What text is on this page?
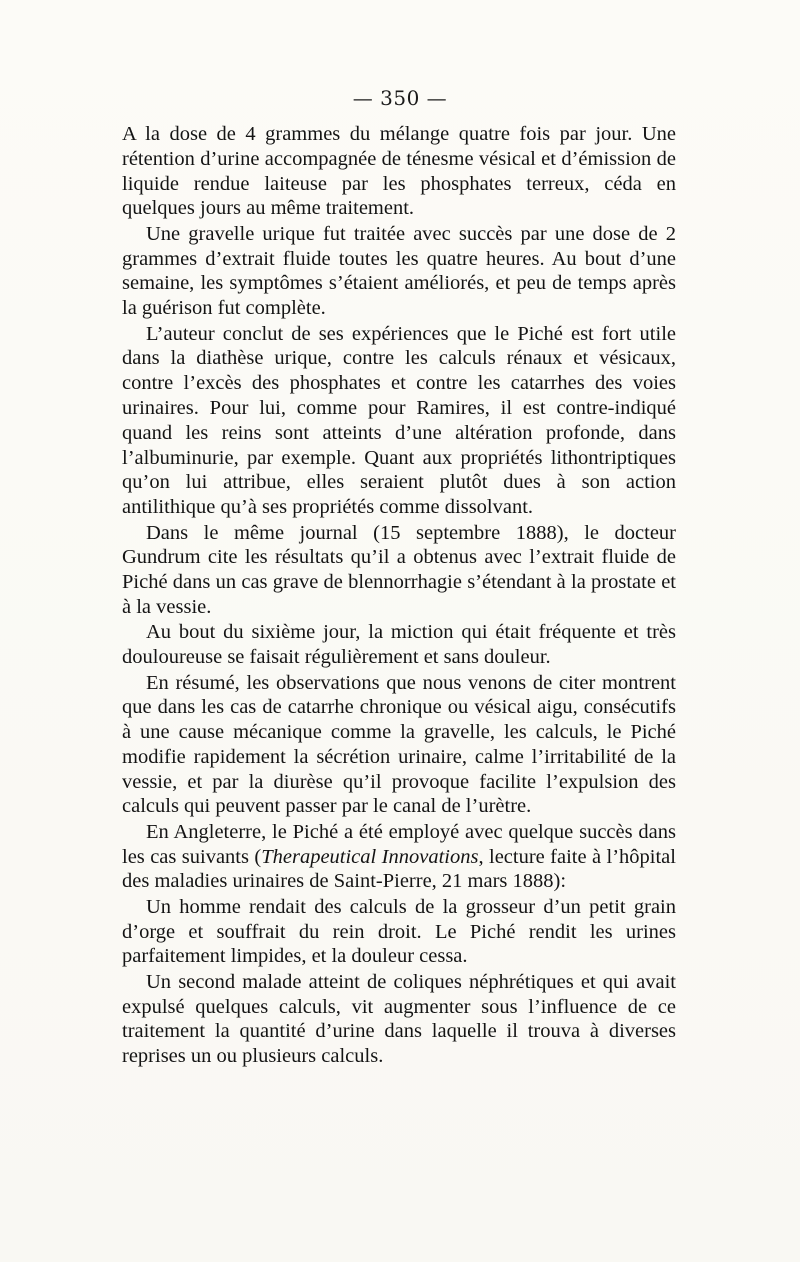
— 350 —

A la dose de 4 grammes du mélange quatre fois par jour. Une rétention d’urine accompagnée de ténesme vésical et d’émission de liquide rendue laiteuse par les phosphates terreux, céda en quelques jours au même traitement.

Une gravelle urique fut traitée avec succès par une dose de 2 grammes d’extrait fluide toutes les quatre heures. Au bout d’une semaine, les symptômes s’étaient améliorés, et peu de temps après la guérison fut complète.

L’auteur conclut de ses expériences que le Piché est fort utile dans la diathèse urique, contre les calculs rénaux et vésicaux, contre l’excès des phosphates et contre les catarrhes des voies urinaires. Pour lui, comme pour Ramires, il est contre-indiqué quand les reins sont atteints d’une altération profonde, dans l’albuminurie, par exemple. Quant aux propriétés lithontriptiques qu’on lui attribue, elles seraient plutôt dues à son action antilithique qu’à ses propriétés comme dissolvant.

Dans le même journal (15 septembre 1888), le docteur Gundrum cite les résultats qu’il a obtenus avec l’extrait fluide de Piché dans un cas grave de blennorrhagie s’étendant à la prostate et à la vessie.

Au bout du sixième jour, la miction qui était fréquente et très douloureuse se faisait régulièrement et sans douleur.

En résumé, les observations que nous venons de citer montrent que dans les cas de catarrhe chronique ou vésical aigu, consécutifs à une cause mécanique comme la gravelle, les calculs, le Piché modifie rapidement la sécrétion urinaire, calme l’irritabilité de la vessie, et par la diurèse qu’il provoque facilite l’expulsion des calculs qui peuvent passer par le canal de l’urètre.

En Angleterre, le Piché a été employé avec quelque succès dans les cas suivants (Therapeutical Innovations, lecture faite à l’hôpital des maladies urinaires de Saint-Pierre, 21 mars 1888):

Un homme rendait des calculs de la grosseur d’un petit grain d’orge et souffrait du rein droit. Le Piché rendit les urines parfaitement limpides, et la douleur cessa.

Un second malade atteint de coliques néphrétiques et qui avait expulsé quelques calculs, vit augmenter sous l’influence de ce traitement la quantité d’urine dans laquelle il trouva à diverses reprises un ou plusieurs calculs.
